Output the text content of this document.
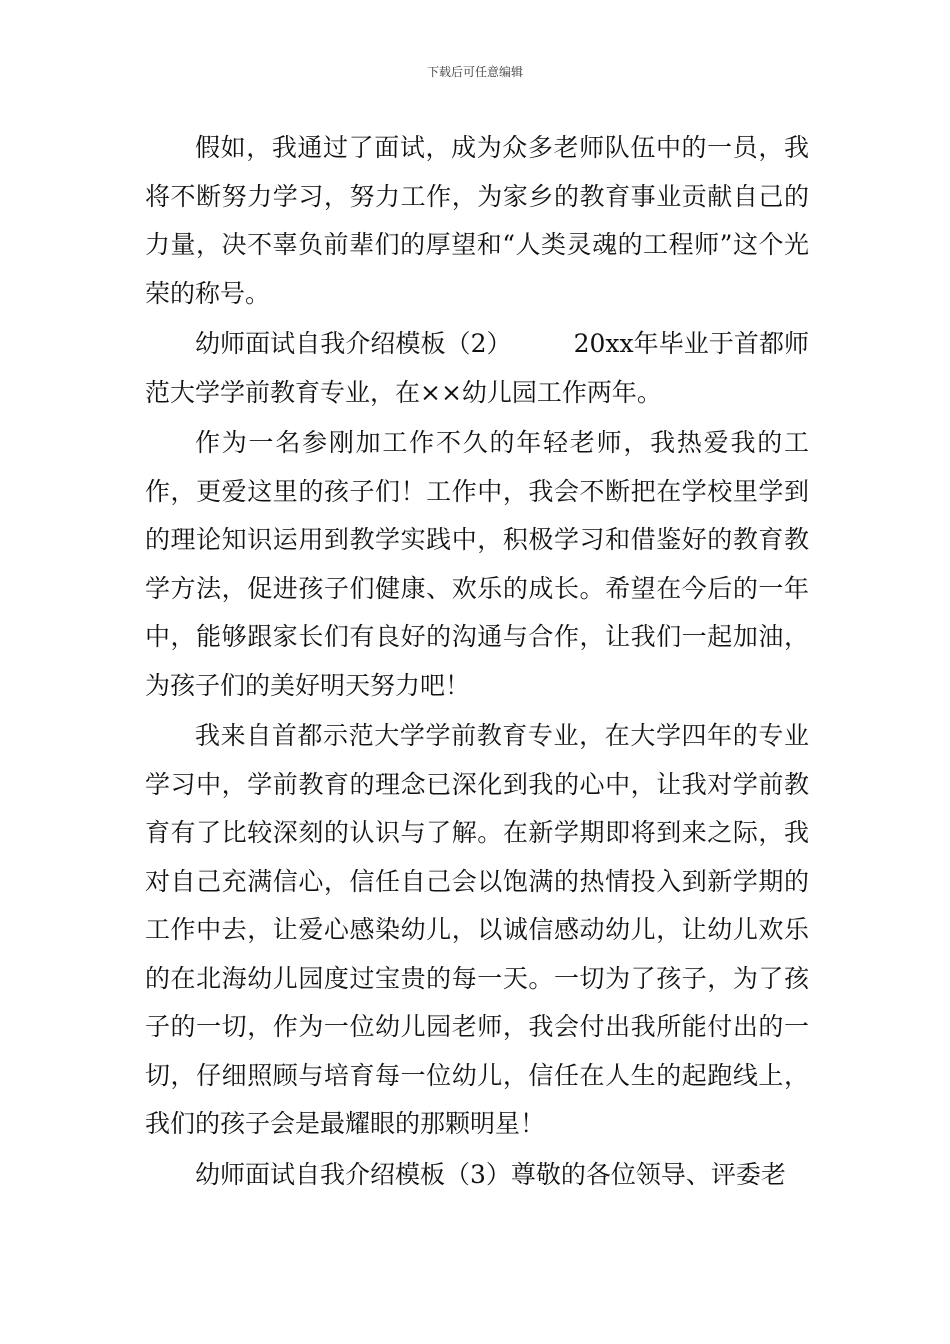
下载后可任意编辑

假如，我通过了面试，成为众多老师队伍中的一员，我将不断努力学习，努力工作，为家乡的教育事业贡献自己的力量，决不辜负前辈们的厚望和“人类灵魂的工程师”这个光荣的称号。

幼师面试自我介绍模板（2） 20xx年毕业于首都师范大学学前教育专业，在××幼儿园工作两年。

作为一名参刚加工作不久的年轻老师，我热爱我的工作，更爱这里的孩子们！工作中，我会不断把在学校里学到的理论知识运用到教学实践中，积极学习和借鉴好的教育教学方法，促进孩子们健康、欢乐的成长。希望在今后的一年中，能够跟家长们有良好的沟通与合作，让我们一起加油，为孩子们的美好明天努力吧！

我来自首都示范大学学前教育专业，在大学四年的专业学习中，学前教育的理念已深化到我的心中，让我对学前教育有了比较深刻的认识与了解。在新学期即将到来之际，我对自己充满信心，信任自己会以饱满的热情投入到新学期的工作中去，让爱心感染幼儿，以诚信感动幼儿，让幼儿欢乐的在北海幼儿园度过宝贵的每一天。一切为了孩子，为了孩子的一切，作为一位幼儿园老师，我会付出我所能付出的一切，仔细照顾与培育每一位幼儿，信任在人生的起跑线上，我们的孩子会是最耀眼的那颗明星！

幼师面试自我介绍模板（3）尊敬的各位领导、评委老
